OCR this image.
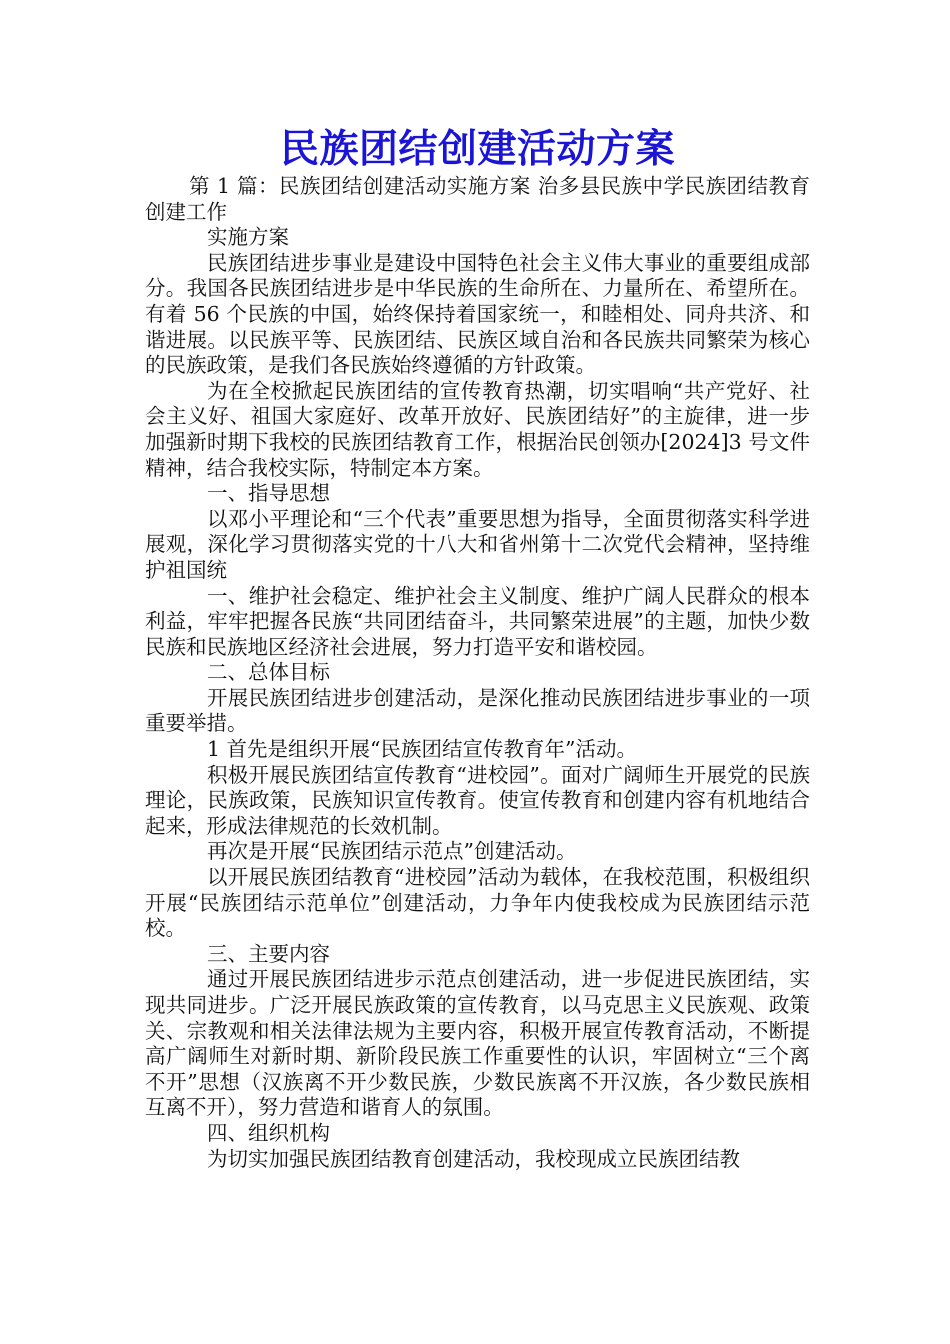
民族团结创建活动方案

第 1 篇：民族团结创建活动实施方案 治多县民族中学民族团结教育创建工作

实施方案

民族团结进步事业是建设中国特色社会主义伟大事业的重要组成部分。我国各民族团结进步是中华民族的生命所在、力量所在、希望所在。有着 56 个民族的中国，始终保持着国家统一，和睦相处、同舟共济、和谐进展。以民族平等、民族团结、民族区域自治和各民族共同繁荣为核心的民族政策，是我们各民族始终遵循的方针政策。

为在全校掀起民族团结的宣传教育热潮，切实唱响“共产党好、社会主义好、祖国大家庭好、改革开放好、民族团结好”的主旋律，进一步加强新时期下我校的民族团结教育工作，根据治民创领办[2024]3 号文件精神，结合我校实际，特制定本方案。

一、指导思想

以邓小平理论和“三个代表”重要思想为指导，全面贯彻落实科学进展观，深化学习贯彻落实党的十八大和省州第十二次党代会精神，坚持维护祖国统

一、维护社会稳定、维护社会主义制度、维护广阔人民群众的根本利益，牢牢把握各民族“共同团结奋斗，共同繁荣进展”的主题，加快少数民族和民族地区经济社会进展，努力打造平安和谐校园。

二、总体目标

开展民族团结进步创建活动，是深化推动民族团结进步事业的一项重要举措。

1 首先是组织开展“民族团结宣传教育年”活动。

积极开展民族团结宣传教育“进校园”。面对广阔师生开展党的民族理论，民族政策，民族知识宣传教育。使宣传教育和创建内容有机地结合起来，形成法律规范的长效机制。

再次是开展“民族团结示范点”创建活动。

以开展民族团结教育“进校园”活动为载体，在我校范围，积极组织开展“民族团结示范单位”创建活动，力争年内使我校成为民族团结示范校。

三、主要内容

通过开展民族团结进步示范点创建活动，进一步促进民族团结，实现共同进步。广泛开展民族政策的宣传教育，以马克思主义民族观、政策关、宗教观和相关法律法规为主要内容，积极开展宣传教育活动，不断提高广阔师生对新时期、新阶段民族工作重要性的认识，牢固树立“三个离不开”思想（汉族离不开少数民族，少数民族离不开汉族，各少数民族相互离不开），努力营造和谐育人的氛围。

四、组织机构

为切实加强民族团结教育创建活动，我校现成立民族团结教
